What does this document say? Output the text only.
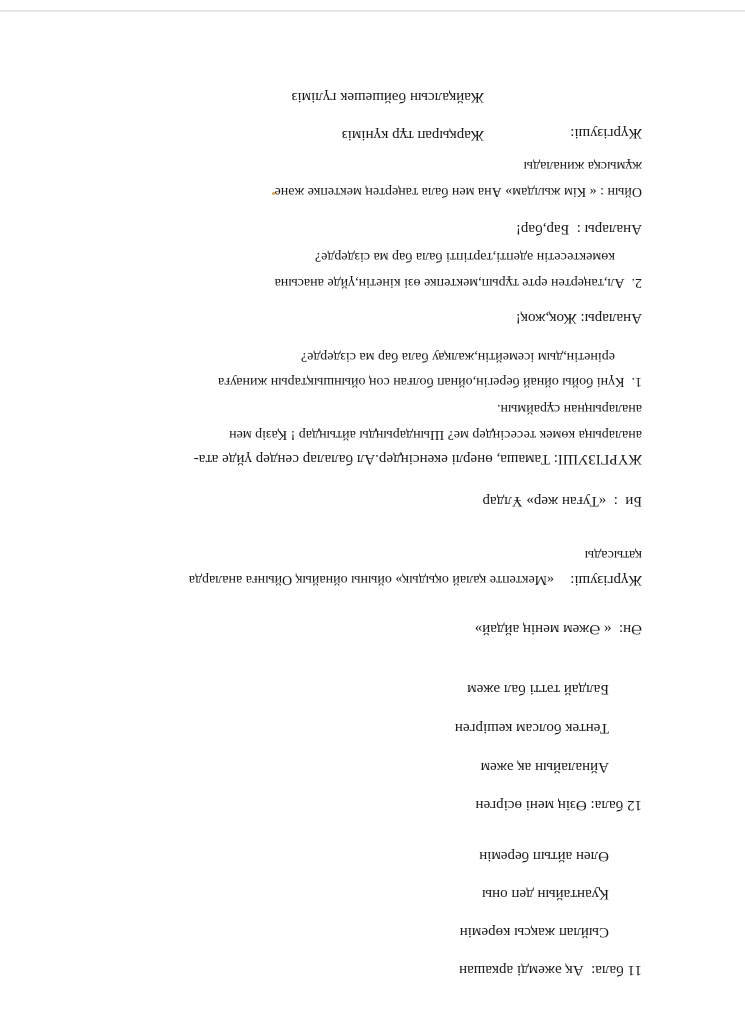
11 бала:  Ақ әжемді аркашан
Сыйлап жақсы көремін
Қуантайын деп оны
Өлен айтып беремін
12 бала: Өзің мені өсірген
Айналайын ақ әжем
Тентек болсам кешірген
Балдай тәтті бал әжем
Ән:  « Әжем менің айдай»
Жүргізуші:
«Мектепте қалай оқыдық» ойыны ойнайық Ойынға аналарда
қатысады
Би  :  «Туған жер» Ұлдар
ЖҮРГІЗУШІ: Тамаша, өнерлі екенсіңдер.Ал балалар сендер үйде ата-
аналарыңа көмек тесесіңдер ме? Шындарыңды айтыңдар ! Қазір мен
аналарыңнан сұраймын.
1.  Күні бойы ойнай берегін,ойнап болған соң ойыншықтарын жинауға
ерінетін,дым ісемейтін,жалқау бала бар ма сіздерде?
Аналары: Жоқ,жоқ!
2.  Ал,таңертен ерте тұрып,мектепке өзі кінетін,үйде анасына
көмектесетін әдепті,тәртіпті бала бар ма сіздерде?
Аналары :  Бар,бар!
Ойын : « Кім жылдам» Ана мен бала таңертең мектепке және
жұмысқа жиналады
Жүргізуші:
Жарқырап тұр күніміз
Жайқалсын бәйшешек гүліміз
